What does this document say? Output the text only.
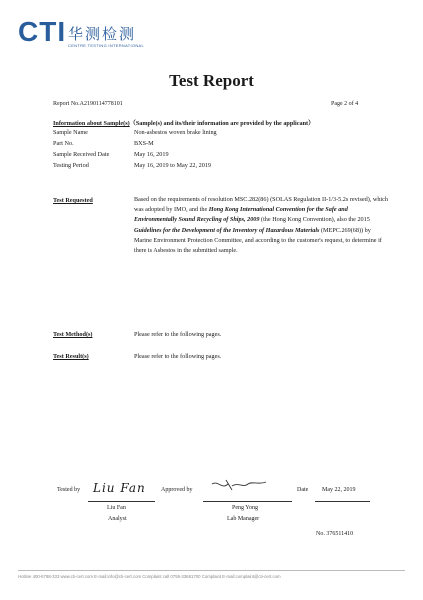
CTI 华测检测
CENTRE TESTING INTERNATIONAL
Test Report
Report No.A2190114778101	Page 2 of 4
Information about Sample(s)（Sample(s) and its/their information are provided by the applicant）
Sample Name	Non-asbestos woven brake lining
Part No.	BXS-M
Sample Received Date	May 16, 2019
Testing Period	May 16, 2019 to May 22, 2019
Test Requested	Based on the requirements of resolution MSC.282(86) (SOLAS Regulation II-1/3-5.2s revised), which was adopted by IMO, and the Hong Kong International Convention for the Safe and Environmentally Sound Recycling of Ships, 2009 (the Hong Kong Convention), also the 2015 Guidelines for the Development of the Inventory of Hazardous Materials (MEPC.269(68)) by Marine Environment Protection Committee, and according to the customer's request, to determine if there is Asbestos in the submitted sample.
Test Method(s)	Please refer to the following pages.
Test Result(s)	Please refer to the following pages.
Tested by Liu Fan
Liu Fan
Analyst
Approved by
Peng Yong
Lab Manager
Date May 22, 2019
No. 376511410
Hotline 400-6788-333 www.cti-cert.com E-mail:info@cti-cert.com Complaint call 0755-33681700 Complaint E-mail:complaint@cti-cert.com
